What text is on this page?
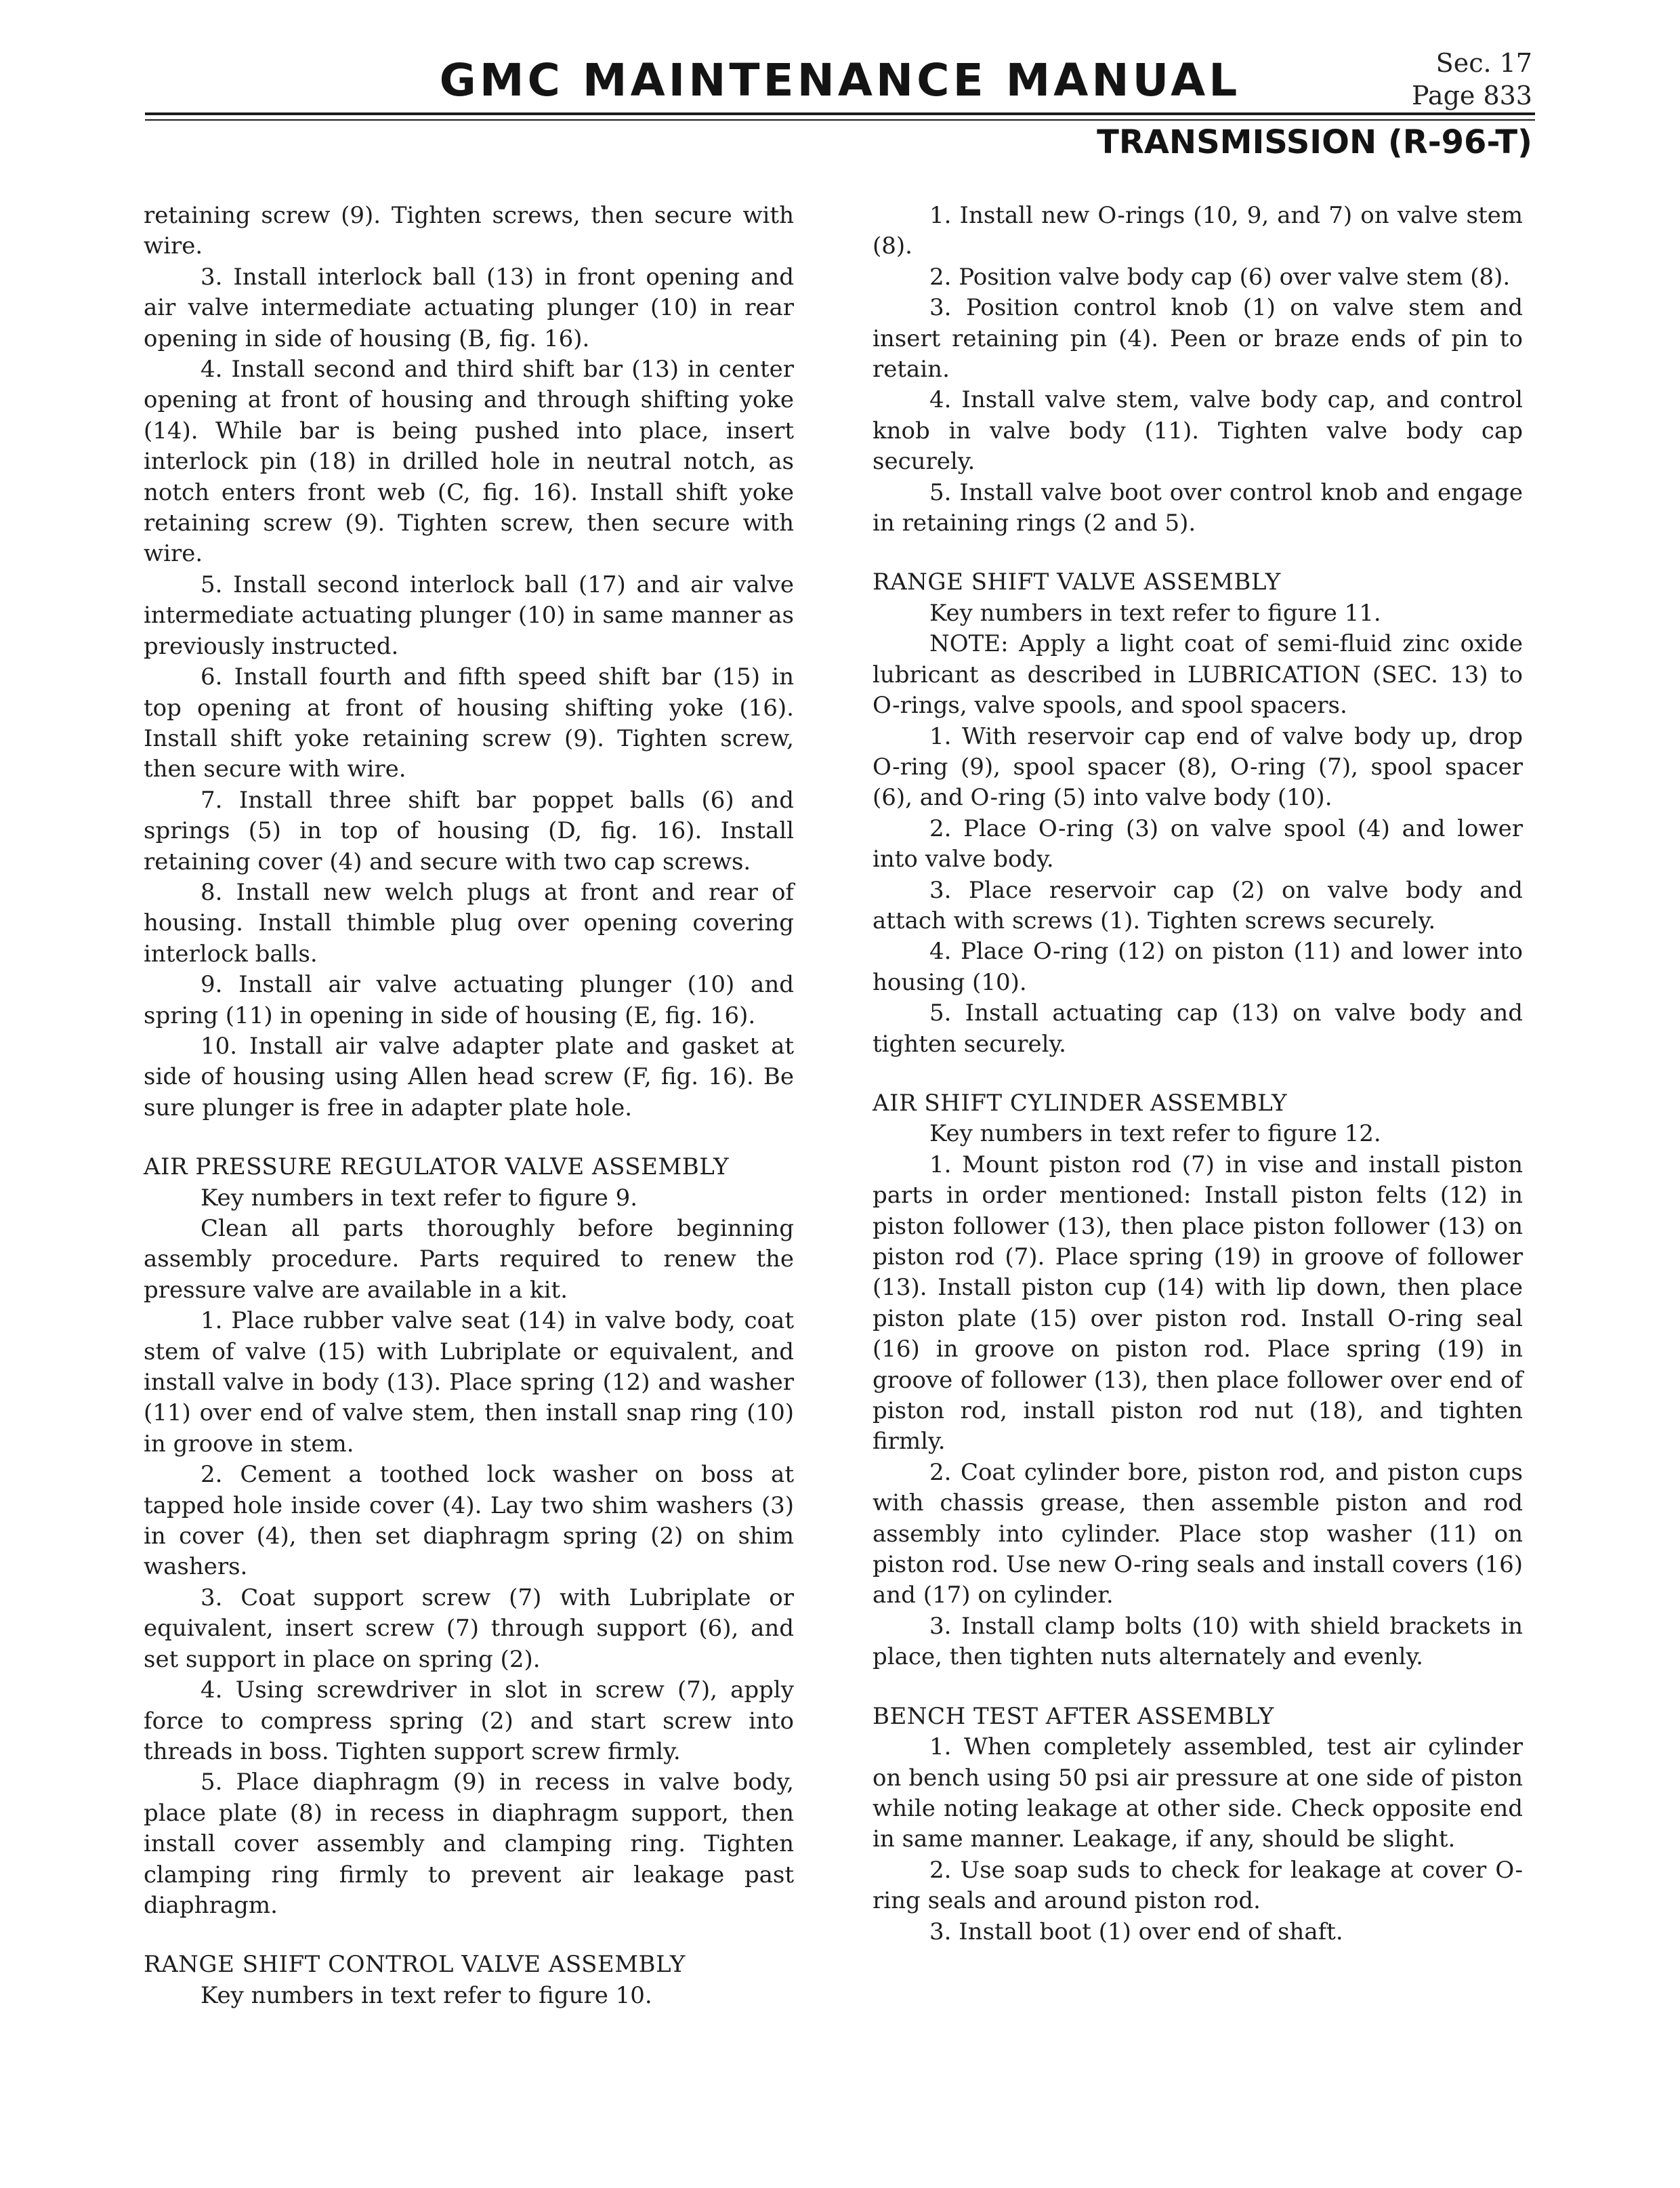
GMC MAINTENANCE MANUAL	Sec. 17
Page 833
TRANSMISSION (R-96-T)

retaining screw (9). Tighten screws, then secure with wire.

3. Install interlock ball (13) in front opening and air valve intermediate actuating plunger (10) in rear opening in side of housing (B, fig. 16).

4. Install second and third shift bar (13) in center opening at front of housing and through shifting yoke (14). While bar is being pushed into place, insert interlock pin (18) in drilled hole in neutral notch, as notch enters front web (C, fig. 16). Install shift yoke retaining screw (9). Tighten screw, then secure with wire.

5. Install second interlock ball (17) and air valve intermediate actuating plunger (10) in same manner as previously instructed.

6. Install fourth and fifth speed shift bar (15) in top opening at front of housing shifting yoke (16). Install shift yoke retaining screw (9). Tighten screw, then secure with wire.

7. Install three shift bar poppet balls (6) and springs (5) in top of housing (D, fig. 16). Install retaining cover (4) and secure with two cap screws.

8. Install new welch plugs at front and rear of housing. Install thimble plug over opening covering interlock balls.

9. Install air valve actuating plunger (10) and spring (11) in opening in side of housing (E, fig. 16).

10. Install air valve adapter plate and gasket at side of housing using Allen head screw (F, fig. 16). Be sure plunger is free in adapter plate hole.

AIR PRESSURE REGULATOR VALVE ASSEMBLY

Key numbers in text refer to figure 9.

Clean all parts thoroughly before beginning assembly procedure. Parts required to renew the pressure valve are available in a kit.

1. Place rubber valve seat (14) in valve body, coat stem of valve (15) with Lubriplate or equivalent, and install valve in body (13). Place spring (12) and washer (11) over end of valve stem, then install snap ring (10) in groove in stem.

2. Cement a toothed lock washer on boss at tapped hole inside cover (4). Lay two shim washers (3) in cover (4), then set diaphragm spring (2) on shim washers.

3. Coat support screw (7) with Lubriplate or equivalent, insert screw (7) through support (6), and set support in place on spring (2).

4. Using screwdriver in slot in screw (7), apply force to compress spring (2) and start screw into threads in boss. Tighten support screw firmly.

5. Place diaphragm (9) in recess in valve body, place plate (8) in recess in diaphragm support, then install cover assembly and clamping ring. Tighten clamping ring firmly to prevent air leakage past diaphragm.

RANGE SHIFT CONTROL VALVE ASSEMBLY

Key numbers in text refer to figure 10.

1. Install new O-rings (10, 9, and 7) on valve stem (8).

2. Position valve body cap (6) over valve stem (8).

3. Position control knob (1) on valve stem and insert retaining pin (4). Peen or braze ends of pin to retain.

4. Install valve stem, valve body cap, and control knob in valve body (11). Tighten valve body cap securely.

5. Install valve boot over control knob and engage in retaining rings (2 and 5).

RANGE SHIFT VALVE ASSEMBLY

Key numbers in text refer to figure 11.

NOTE: Apply a light coat of semi-fluid zinc oxide lubricant as described in LUBRICATION (SEC. 13) to O-rings, valve spools, and spool spacers.

1. With reservoir cap end of valve body up, drop O-ring (9), spool spacer (8), O-ring (7), spool spacer (6), and O-ring (5) into valve body (10).

2. Place O-ring (3) on valve spool (4) and lower into valve body.

3. Place reservoir cap (2) on valve body and attach with screws (1). Tighten screws securely.

4. Place O-ring (12) on piston (11) and lower into housing (10).

5. Install actuating cap (13) on valve body and tighten securely.

AIR SHIFT CYLINDER ASSEMBLY

Key numbers in text refer to figure 12.

1. Mount piston rod (7) in vise and install piston parts in order mentioned: Install piston felts (12) in piston follower (13), then place piston follower (13) on piston rod (7). Place spring (19) in groove of follower (13). Install piston cup (14) with lip down, then place piston plate (15) over piston rod. Install O-ring seal (16) in groove on piston rod. Place spring (19) in groove of follower (13), then place follower over end of piston rod, install piston rod nut (18), and tighten firmly.

2. Coat cylinder bore, piston rod, and piston cups with chassis grease, then assemble piston and rod assembly into cylinder. Place stop washer (11) on piston rod. Use new O-ring seals and install covers (16) and (17) on cylinder.

3. Install clamp bolts (10) with shield brackets in place, then tighten nuts alternately and evenly.

BENCH TEST AFTER ASSEMBLY

1. When completely assembled, test air cylinder on bench using 50 psi air pressure at one side of piston while noting leakage at other side. Check opposite end in same manner. Leakage, if any, should be slight.

2. Use soap suds to check for leakage at cover O-ring seals and around piston rod.

3. Install boot (1) over end of shaft.
